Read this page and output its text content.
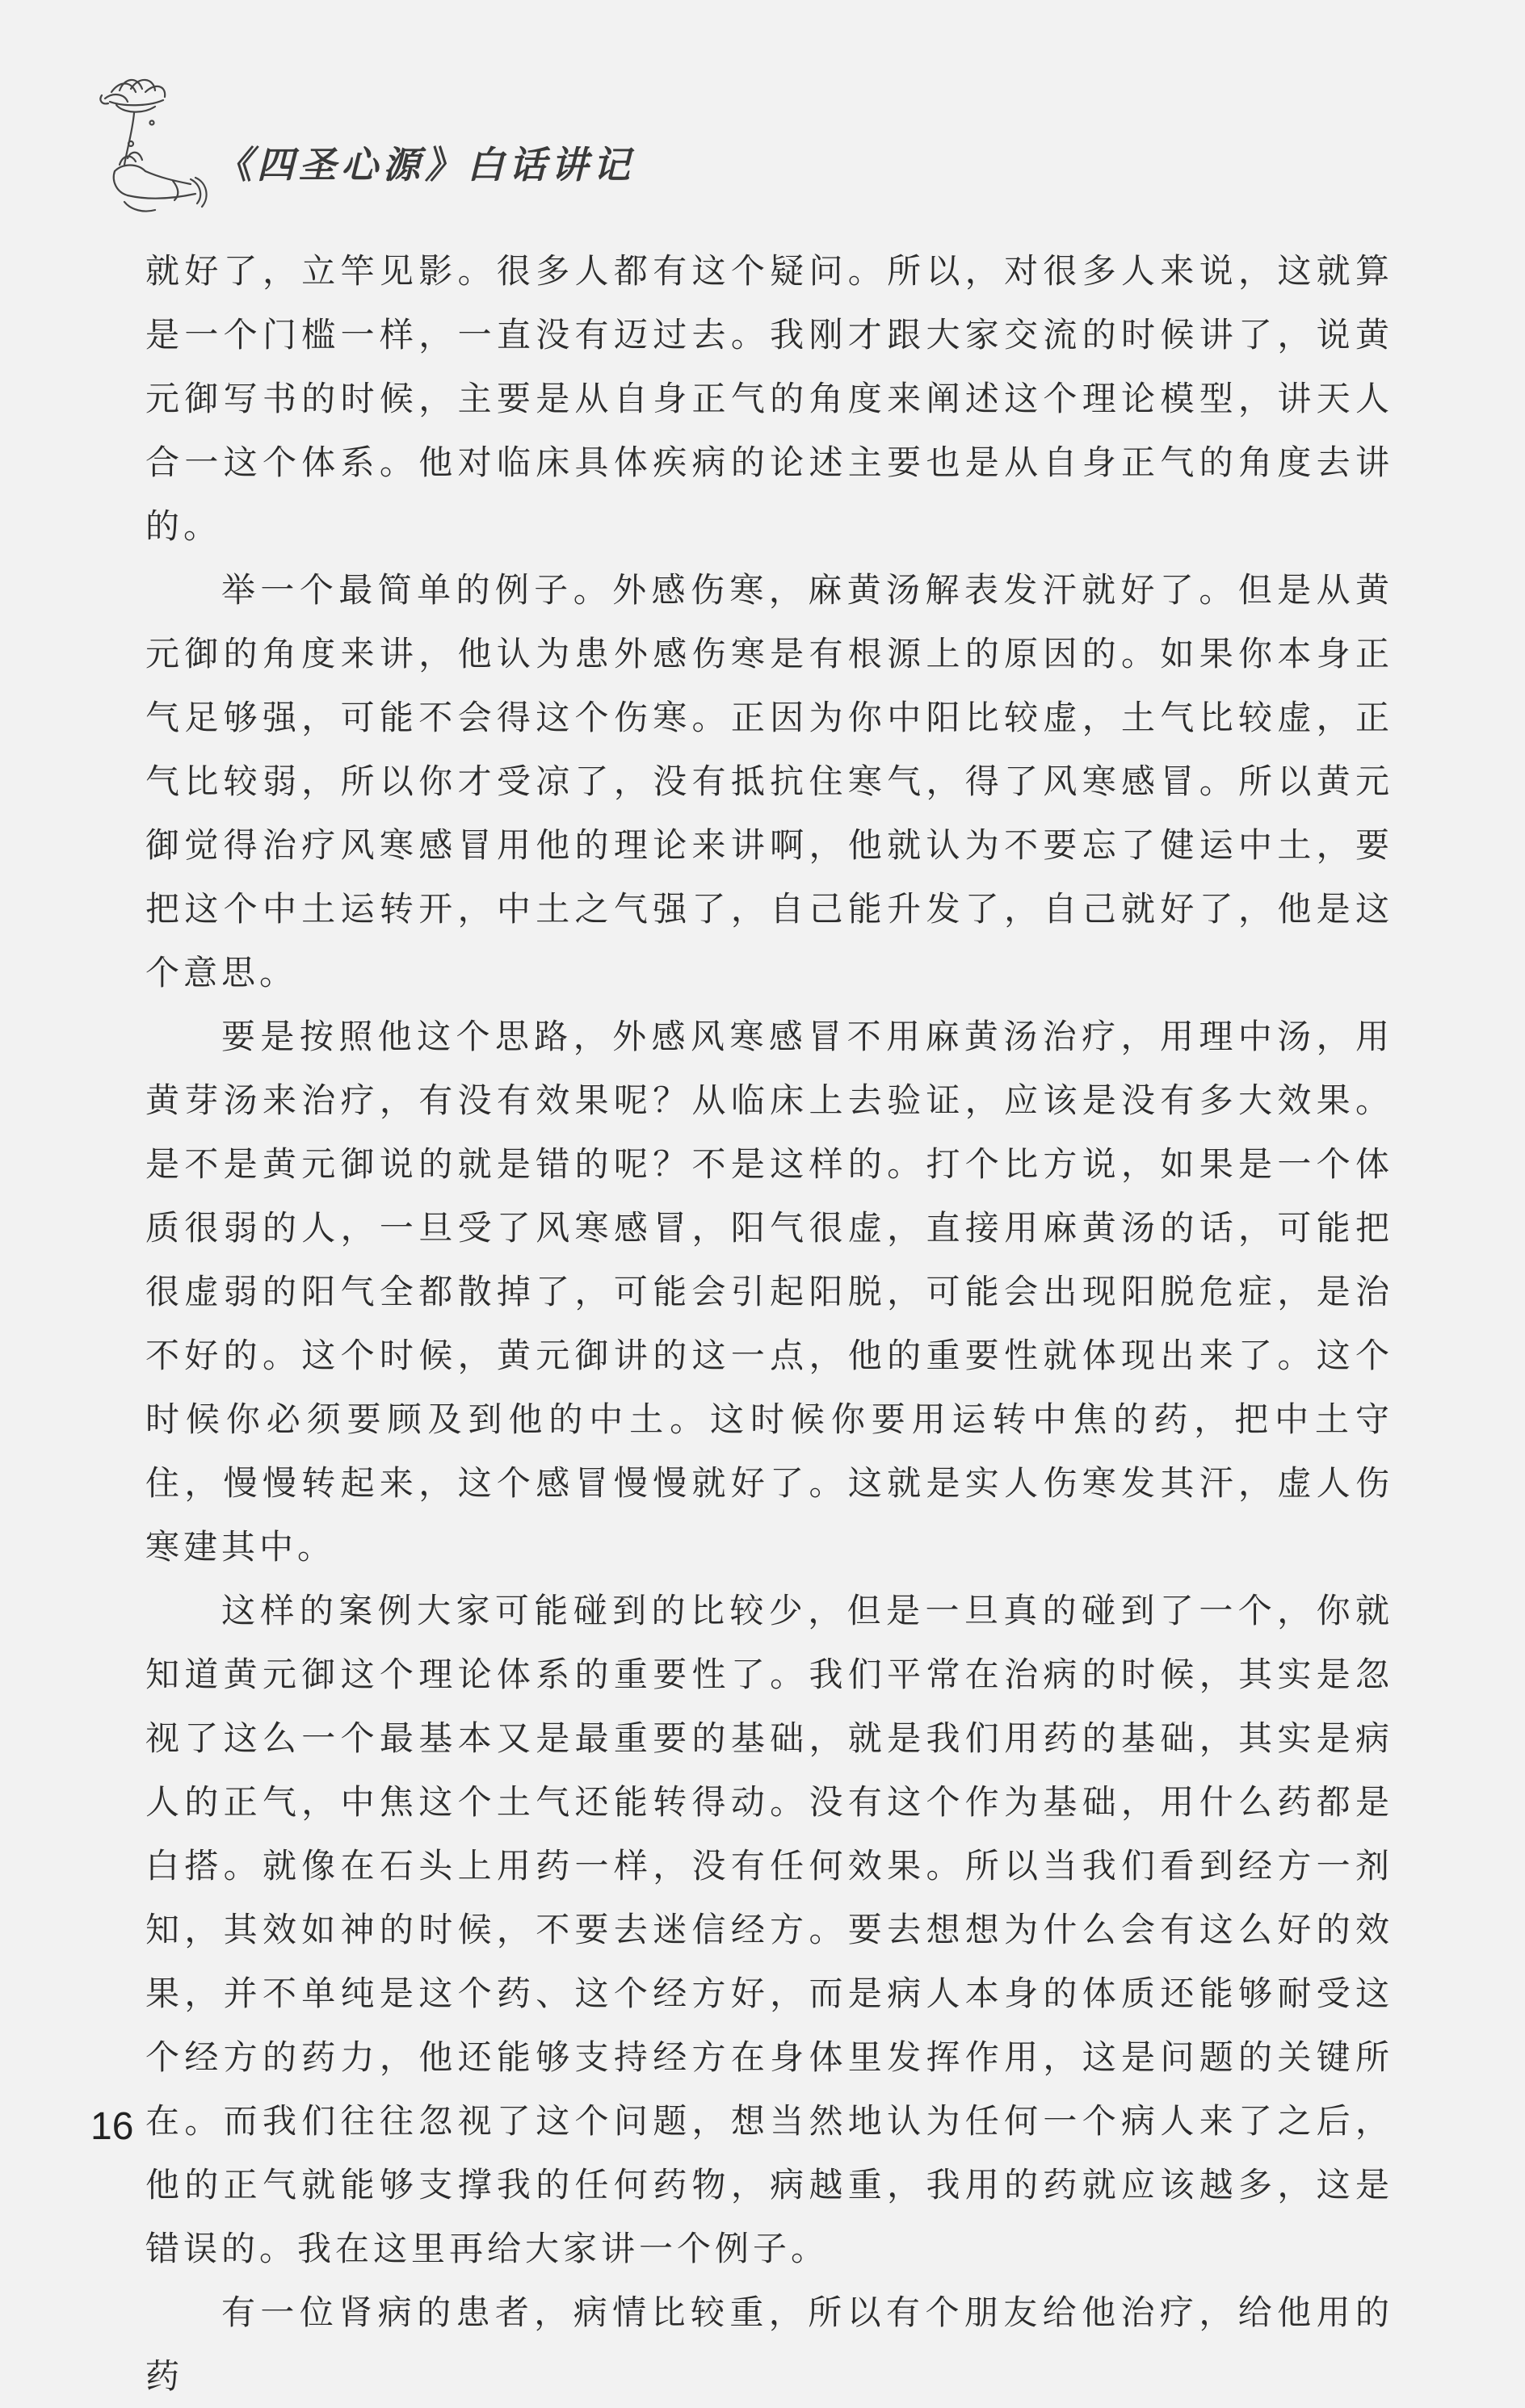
《四圣心源》白话讲记

就好了，立竿见影。很多人都有这个疑问。所以，对很多人来说，这就算是一个门槛一样，一直没有迈过去。我刚才跟大家交流的时候讲了，说黄元御写书的时候，主要是从自身正气的角度来阐述这个理论模型，讲天人合一这个体系。他对临床具体疾病的论述主要也是从自身正气的角度去讲的。

举一个最简单的例子。外感伤寒，麻黄汤解表发汗就好了。但是从黄元御的角度来讲，他认为患外感伤寒是有根源上的原因的。如果你本身正气足够强，可能不会得这个伤寒。正因为你中阳比较虚，土气比较虚，正气比较弱，所以你才受凉了，没有抵抗住寒气，得了风寒感冒。所以黄元御觉得治疗风寒感冒用他的理论来讲啊，他就认为不要忘了健运中土，要把这个中土运转开，中土之气强了，自己能升发了，自己就好了，他是这个意思。

要是按照他这个思路，外感风寒感冒不用麻黄汤治疗，用理中汤，用黄芽汤来治疗，有没有效果呢？从临床上去验证，应该是没有多大效果。是不是黄元御说的就是错的呢？不是这样的。打个比方说，如果是一个体质很弱的人，一旦受了风寒感冒，阳气很虚，直接用麻黄汤的话，可能把很虚弱的阳气全都散掉了，可能会引起阳脱，可能会出现阳脱危症，是治不好的。这个时候，黄元御讲的这一点，他的重要性就体现出来了。这个时候你必须要顾及到他的中土。这时候你要用运转中焦的药，把中土守住，慢慢转起来，这个感冒慢慢就好了。这就是实人伤寒发其汗，虚人伤寒建其中。

这样的案例大家可能碰到的比较少，但是一旦真的碰到了一个，你就知道黄元御这个理论体系的重要性了。我们平常在治病的时候，其实是忽视了这么一个最基本又是最重要的基础，就是我们用药的基础，其实是病人的正气，中焦这个土气还能转得动。没有这个作为基础，用什么药都是白搭。就像在石头上用药一样，没有任何效果。所以当我们看到经方一剂知，其效如神的时候，不要去迷信经方。要去想想为什么会有这么好的效果，并不单纯是这个药、这个经方好，而是病人本身的体质还能够耐受这个经方的药力，他还能够支持经方在身体里发挥作用，这是问题的关键所在。而我们往往忽视了这个问题，想当然地认为任何一个病人来了之后，他的正气就能够支撑我的任何药物，病越重，我用的药就应该越多，这是错误的。我在这里再给大家讲一个例子。

有一位肾病的患者，病情比较重，所以有个朋友给他治疗，给他用的药

16
